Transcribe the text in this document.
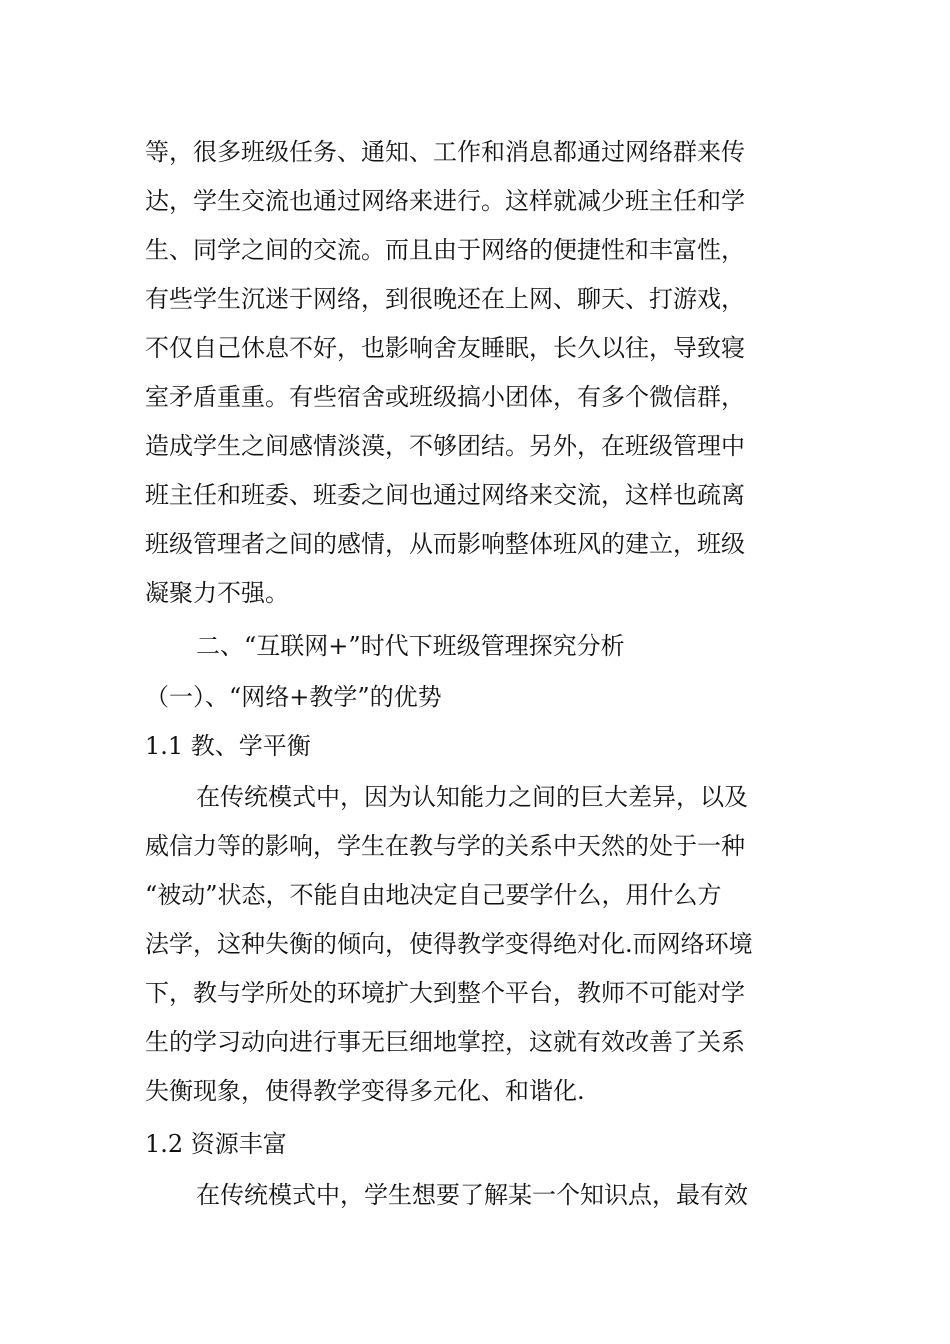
等，很多班级任务、通知、工作和消息都通过网络群来传
达，学生交流也通过网络来进行。这样就减少班主任和学
生、同学之间的交流。而且由于网络的便捷性和丰富性，
有些学生沉迷于网络，到很晚还在上网、聊天、打游戏，
不仅自己休息不好，也影响舍友睡眠，长久以往，导致寝
室矛盾重重。有些宿舍或班级搞小团体，有多个微信群，
造成学生之间感情淡漠，不够团结。另外，在班级管理中
班主任和班委、班委之间也通过网络来交流，这样也疏离
班级管理者之间的感情，从而影响整体班风的建立，班级
凝聚力不强。
二、“互联网+”时代下班级管理探究分析
（一）、“网络+教学”的优势
1.1 教、学平衡
在传统模式中，因为认知能力之间的巨大差异，以及
威信力等的影响，学生在教与学的关系中天然的处于一种
“被动”状态，不能自由地决定自己要学什么，用什么方
法学，这种失衡的倾向，使得教学变得绝对化.而网络环境
下，教与学所处的环境扩大到整个平台，教师不可能对学
生的学习动向进行事无巨细地掌控，这就有效改善了关系
失衡现象，使得教学变得多元化、和谐化.
1.2 资源丰富
在传统模式中，学生想要了解某一个知识点，最有效
